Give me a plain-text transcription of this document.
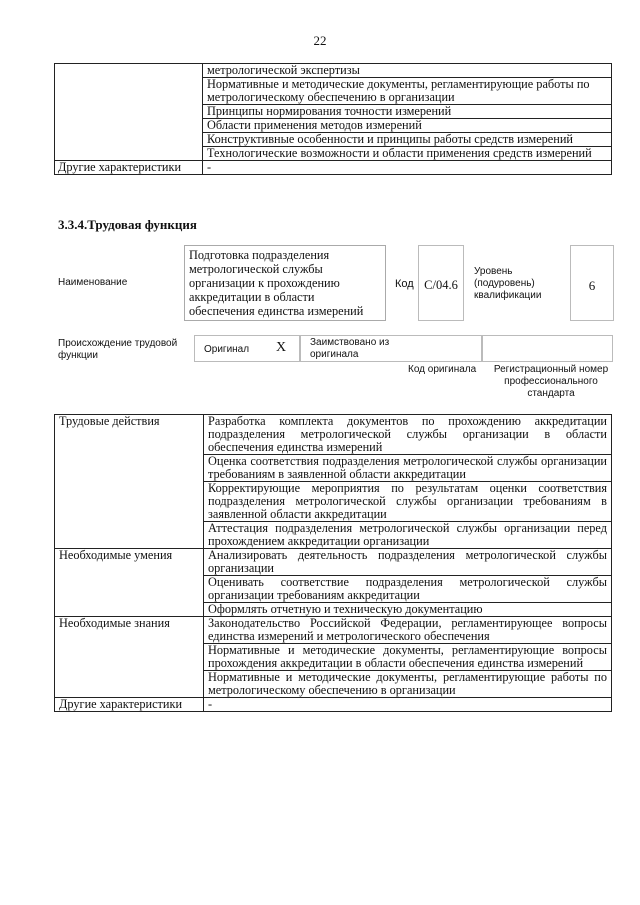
22
	метрологической экспертизы
	Нормативные и методические документы, регламентирующие работы по метрологическому обеспечению в организации
	Принципы нормирования точности измерений
	Области применения методов измерений
	Конструктивные особенности и принципы работы средств измерений
	Технологические возможности и области применения средств измерений
Другие характеристики	-
3.3.4.Трудовая функция
Наименование
Подготовка подразделения метрологической службы организации к прохождению аккредитации в области обеспечения единства измерений
Код С/04.6
Уровень (подуровень) квалификации
6
Происхождение трудовой функции
Оригинал X Заимствовано из оригинала
Код оригинала	Регистрационный номер профессионального стандарта
Трудовые действия	Разработка комплекта документов по прохождению аккредитации подразделения метрологической службы организации в области обеспечения единства измерений

	Оценка соответствия подразделения метрологической службы организации требованиям в заявленной области аккредитации

	Корректирующие мероприятия по результатам оценки соответствия подразделения метрологической службы организации требованиям в заявленной области аккредитации

	Аттестация подразделения метрологической службы организации перед прохождением аккредитации организации

Необходимые умения	Анализировать деятельность подразделения метрологической службы организации

	Оценивать соответствие подразделения метрологической службы организации требованиям аккредитации

	Оформлять отчетную и техническую документацию

Необходимые знания	Законодательство Российской Федерации, регламентирующее вопросы единства измерений и метрологического обеспечения

	Нормативные и методические документы, регламентирующие вопросы прохождения аккредитации в области обеспечения единства измерений

	Нормативные и методические документы, регламентирующие работы по метрологическому обеспечению в организации

Другие характеристики	-
